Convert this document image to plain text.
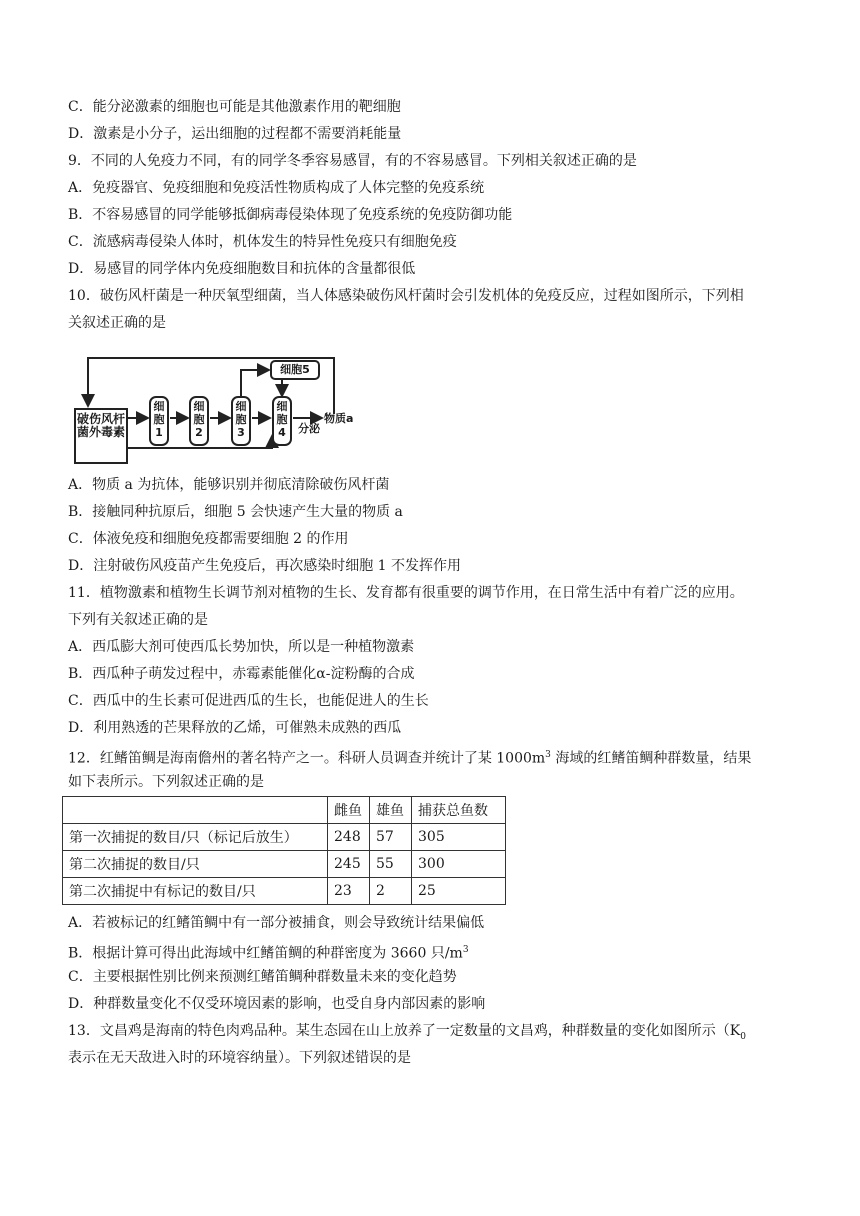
C．能分泌激素的细胞也可能是其他激素作用的靶细胞
D．激素是小分子，运出细胞的过程都不需要消耗能量
9．不同的人免疫力不同，有的同学冬季容易感冒，有的不容易感冒。下列相关叙述正确的是
A．免疫器官、免疫细胞和免疫活性物质构成了人体完整的免疫系统
B．不容易感冒的同学能够抵御病毒侵染体现了免疫系统的免疫防御功能
C．流感病毒侵染人体时，机体发生的特异性免疫只有细胞免疫
D．易感冒的同学体内免疫细胞数目和抗体的含量都很低
10．破伤风杆菌是一种厌氧型细菌，当人体感染破伤风杆菌时会引发机体的免疫反应，过程如图所示，下列相
关叙述正确的是
破伤风杆菌外毒素
细胞1
细胞2
细胞3
细胞4
细胞5
分泌
物质a
A．物质 a 为抗体，能够识别并彻底清除破伤风杆菌
B．接触同种抗原后，细胞 5 会快速产生大量的物质 a
C．体液免疫和细胞免疫都需要细胞 2 的作用
D．注射破伤风疫苗产生免疫后，再次感染时细胞 1 不发挥作用
11．植物激素和植物生长调节剂对植物的生长、发育都有很重要的调节作用，在日常生活中有着广泛的应用。
下列有关叙述正确的是
A．西瓜膨大剂可使西瓜长势加快，所以是一种植物激素
B．西瓜种子萌发过程中，赤霉素能催化α-淀粉酶的合成
C．西瓜中的生长素可促进西瓜的生长，也能促进人的生长
D．利用熟透的芒果释放的乙烯，可催熟未成熟的西瓜
12．红鳍笛鲷是海南儋州的著名特产之一。科研人员调查并统计了某 $1000m^3$ 海域的红鳍笛鲷种群数量，结果
如下表所示。下列叙述正确的是
	雌鱼	雄鱼	捕获总鱼数
第一次捕捉的数目/只（标记后放生）	248	57	305
第二次捕捉的数目/只	245	55	300
第二次捕捉中有标记的数目/只	23	2	25
A．若被标记的红鳍笛鲷中有一部分被捕食，则会导致统计结果偏低
B．根据计算可得出此海域中红鳍笛鲷的种群密度为 3660 只$/m^3$
C．主要根据性别比例来预测红鳍笛鲷种群数量未来的变化趋势
D．种群数量变化不仅受环境因素的影响，也受自身内部因素的影响
13．文昌鸡是海南的特色肉鸡品种。某生态园在山上放养了一定数量的文昌鸡，种群数量的变化如图所示（$K_0$
表示在无天敌进入时的环境容纳量）。下列叙述错误的是
